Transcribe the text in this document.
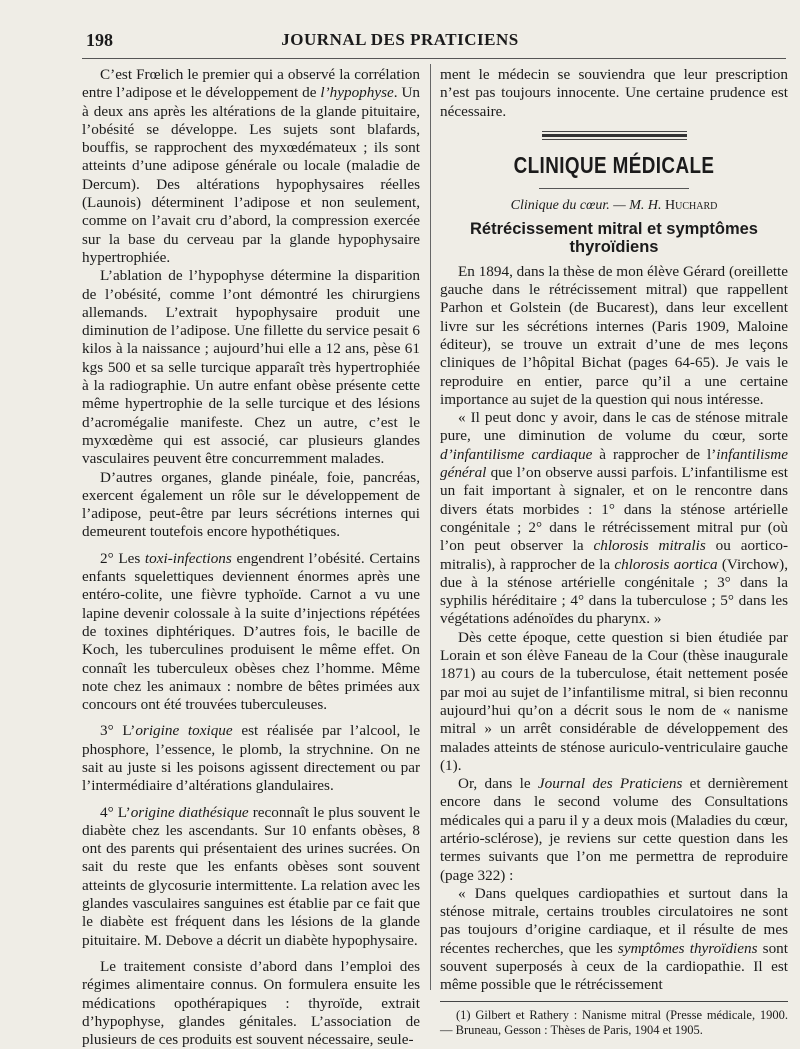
198	JOURNAL DES PRATICIENS

C’est Frœlich le premier qui a observé la corrélation entre l’adipose et le développement de l’hypophyse. Un à deux ans après les altérations de la glande pituitaire, l’obésité se développe. Les sujets sont blafards, bouffis, se rapprochent des myxœdémateux ; ils sont atteints d’une adipose générale ou locale (maladie de Dercum). Des altérations hypophysaires réelles (Launois) déterminent l’adipose et non seulement, comme on l’avait cru d’abord, la compression exercée sur la base du cerveau par la glande hypophysaire hypertrophiée.

L’ablation de l’hypophyse détermine la disparition de l’obésité, comme l’ont démontré les chirurgiens allemands. L’extrait hypophysaire produit une diminution de l’adipose. Une fillette du service pesait 6 kilos à la naissance ; aujourd’hui elle a 12 ans, pèse 61 kgs 500 et sa selle turcique apparaît très hypertrophiée à la radiographie. Un autre enfant obèse présente cette même hypertrophie de la selle turcique et des lésions d’acromégalie manifeste. Chez un autre, c’est le myxœdème qui est associé, car plusieurs glandes vasculaires peuvent être concurremment malades.

D’autres organes, glande pinéale, foie, pancréas, exercent également un rôle sur le développement de l’adipose, peut-être par leurs sécrétions internes qui demeurent toutefois encore hypothétiques.

2° Les toxi-infections engendrent l’obésité. Certains enfants squelettiques deviennent énormes après une entéro-colite, une fièvre typhoïde. Carnot a vu une lapine devenir colossale à la suite d’injections répétées de toxines diphtériques. D’autres fois, le bacille de Koch, les tuberculines produisent le même effet. On connaît les tuberculeux obèses chez l’homme. Même note chez les animaux : nombre de bêtes primées aux concours ont été trouvées tuberculeuses.

3° L’origine toxique est réalisée par l’alcool, le phosphore, l’essence, le plomb, la strychnine. On ne sait au juste si les poisons agissent directement ou par l’intermédiaire d’altérations glandulaires.

4° L’origine diathésique reconnaît le plus souvent le diabète chez les ascendants. Sur 10 enfants obèses, 8 ont des parents qui présentaient des urines sucrées. On sait du reste que les enfants obèses sont souvent atteints de glycosurie intermittente. La relation avec les glandes vasculaires sanguines est établie par ce fait que le diabète est fréquent dans les lésions de la glande pituitaire. M. Debove a décrit un diabète hypophysaire.

Le traitement consiste d’abord dans l’emploi des régimes alimentaire connus. On formulera ensuite les médications opothérapiques : thyroïde, extrait d’hypophyse, glandes génitales. L’association de plusieurs de ces produits est souvent nécessaire, seule-

ment le médecin se souviendra que leur prescription n’est pas toujours innocente. Une certaine prudence est nécessaire.

CLINIQUE MÉDICALE
Clinique du cœur. — M. H. Huchard
Rétrécissement mitral et symptômes thyroïdiens

En 1894, dans la thèse de mon élève Gérard (oreillette gauche dans le rétrécissement mitral) que rappellent Parhon et Golstein (de Bucarest), dans leur excellent livre sur les sécrétions internes (Paris 1909, Maloine éditeur), se trouve un extrait d’une de mes leçons cliniques de l’hôpital Bichat (pages 64-65). Je vais le reproduire en entier, parce qu’il a une certaine importance au sujet de la question qui nous intéresse.

« Il peut donc y avoir, dans le cas de sténose mitrale pure, une diminution de volume du cœur, sorte d’infantilisme cardiaque à rapprocher de l’infantilisme général que l’on observe aussi parfois. L’infantilisme est un fait important à signaler, et on le rencontre dans divers états morbides : 1° dans la sténose artérielle congénitale ; 2° dans le rétrécissement mitral pur (où l’on peut observer la chlorosis mitralis ou aortico-mitralis), à rapprocher de la chlorosis aortica (Virchow), due à la sténose artérielle congénitale ; 3° dans la syphilis héréditaire ; 4° dans la tuberculose ; 5° dans les végétations adénoïdes du pharynx. »

Dès cette époque, cette question si bien étudiée par Lorain et son élève Faneau de la Cour (thèse inaugurale 1871) au cours de la tuberculose, était nettement posée par moi au sujet de l’infantilisme mitral, si bien reconnu aujourd’hui qu’on a décrit sous le nom de « nanisme mitral » un arrêt considérable de développement des malades atteints de sténose auriculo-ventriculaire gauche (1).

Or, dans le Journal des Praticiens et dernièrement encore dans le second volume des Consultations médicales qui a paru il y a deux mois (Maladies du cœur, artério-sclérose), je reviens sur cette question dans les termes suivants que l’on me permettra de reproduire (page 322) :

« Dans quelques cardiopathies et surtout dans la sténose mitrale, certains troubles circulatoires ne sont pas toujours d’origine cardiaque, et il résulte de mes récentes recherches, que les symptômes thyroïdiens sont souvent superposés à ceux de la cardiopathie. Il est même possible que le rétrécissement

(1) Gilbert et Rathery : Nanisme mitral (Presse médicale, 1900. — Bruneau, Gesson : Thèses de Paris, 1904 et 1905.
